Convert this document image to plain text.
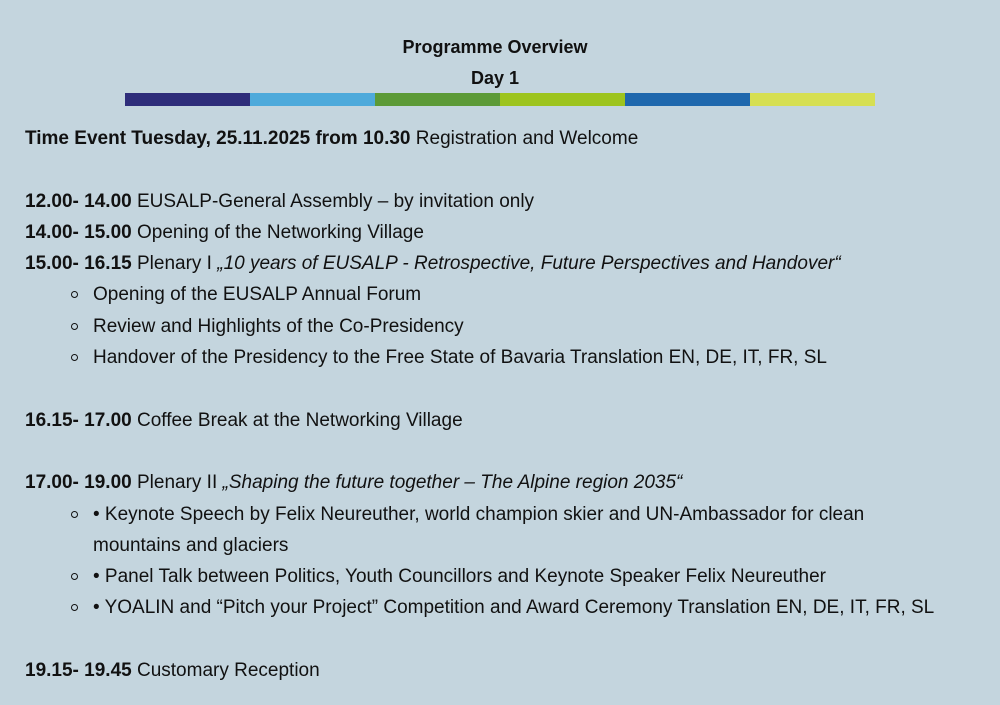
Programme Overview
Day 1
Time Event Tuesday, 25.11.2025 from 10.30 Registration and Welcome
12.00- 14.00 EUSALP-General Assembly – by invitation only
14.00- 15.00 Opening of the Networking Village
15.00- 16.15 Plenary I „10 years of EUSALP - Retrospective, Future Perspectives and Handover“
Opening of the EUSALP Annual Forum
Review and Highlights of the Co-Presidency
Handover of the Presidency to the Free State of Bavaria Translation EN, DE, IT, FR, SL
16.15- 17.00 Coffee Break at the Networking Village
17.00- 19.00 Plenary II „Shaping the future together – The Alpine region 2035“
• Keynote Speech by Felix Neureuther, world champion skier and UN-Ambassador for clean mountains and glaciers
• Panel Talk between Politics, Youth Councillors and Keynote Speaker Felix Neureuther
• YOALIN and “Pitch your Project” Competition and Award Ceremony Translation EN, DE, IT, FR, SL
19.15- 19.45 Customary Reception
